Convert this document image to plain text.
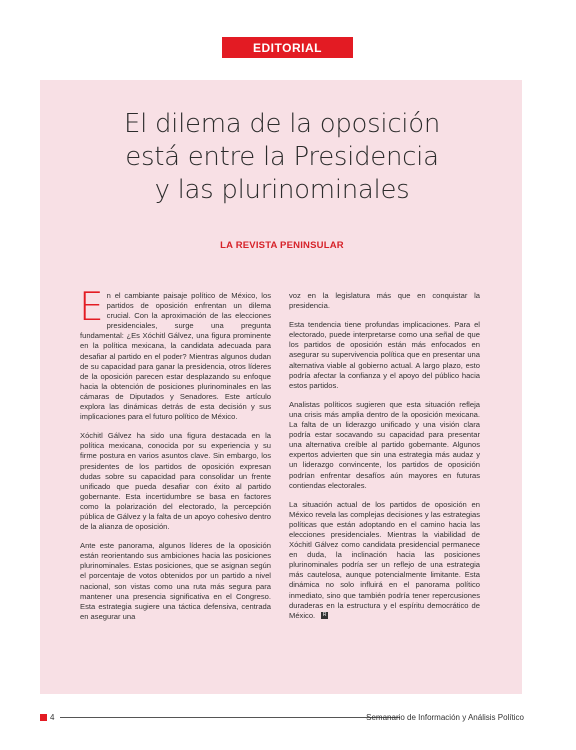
EDITORIAL
El dilema de la oposición
está entre la Presidencia
y las plurinominales
LA REVISTA PENINSULAR

En el cambiante paisaje político de México, los partidos de oposición enfrentan un dilema crucial. Con la aproximación de las elecciones presidenciales, surge una pregunta fundamental: ¿Es Xóchitl Gálvez, una figura prominente en la política mexicana, la candidata adecuada para desafiar al partido en el poder? Mientras algunos dudan de su capacidad para ganar la presidencia, otros líderes de la oposición parecen estar desplazando su enfoque hacia la obtención de posiciones plurinominales en las cámaras de Diputados y Senadores. Este artículo explora las dinámicas detrás de esta decisión y sus implicaciones para el futuro político de México.

Xóchitl Gálvez ha sido una figura destacada en la política mexicana, conocida por su experiencia y su firme postura en varios asuntos clave. Sin embargo, los presidentes de los partidos de oposición expresan dudas sobre su capacidad para consolidar un frente unificado que pueda desafiar con éxito al partido gobernante. Esta incertidumbre se basa en factores como la polarización del electorado, la percepción pública de Gálvez y la falta de un apoyo cohesivo dentro de la alianza de oposición.

Ante este panorama, algunos líderes de la oposición están reorientando sus ambiciones hacia las posiciones plurinominales. Estas posiciones, que se asignan según el porcentaje de votos obtenidos por un partido a nivel nacional, son vistas como una ruta más segura para mantener una presencia significativa en el Congreso. Esta estrategia sugiere una táctica defensiva, centrada en asegurar una

voz en la legislatura más que en conquistar la presidencia.

Esta tendencia tiene profundas implicaciones. Para el electorado, puede interpretarse como una señal de que los partidos de oposición están más enfocados en asegurar su supervivencia política que en presentar una alternativa viable al gobierno actual. A largo plazo, esto podría afectar la confianza y el apoyo del público hacia estos partidos.

Analistas políticos sugieren que esta situación refleja una crisis más amplia dentro de la oposición mexicana. La falta de un liderazgo unificado y una visión clara podría estar socavando su capacidad para presentar una alternativa creíble al partido gobernante. Algunos expertos advierten que sin una estrategia más audaz y un liderazgo convincente, los partidos de oposición podrían enfrentar desafíos aún mayores en futuras contiendas electorales.

La situación actual de los partidos de oposición en México revela las complejas decisiones y las estrategias políticas que están adoptando en el camino hacia las elecciones presidenciales. Mientras la viabilidad de Xóchitl Gálvez como candidata presidencial permanece en duda, la inclinación hacia las posiciones plurinominales podría ser un reflejo de una estrategia más cautelosa, aunque potencialmente limitante. Esta dinámica no solo influirá en el panorama político inmediato, sino que también podría tener repercusiones duraderas en la estructura y el espíritu democrático de México. R

4	Semanario de Información y Análisis Político
